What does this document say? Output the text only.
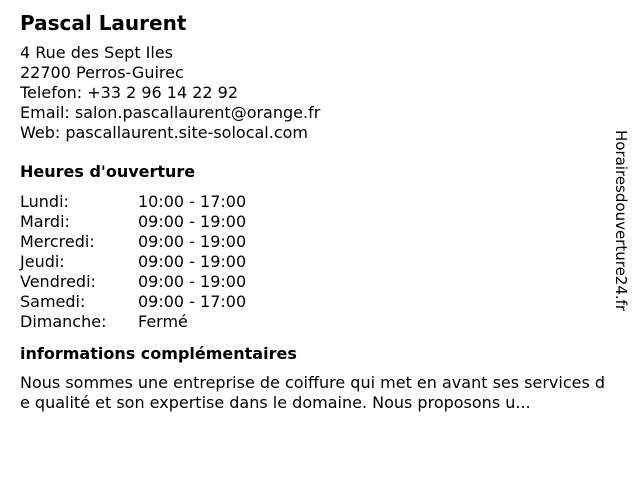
Pascal Laurent
4 Rue des Sept Iles
22700 Perros-Guirec
Telefon: +33 2 96 14 22 92
Email: salon.pascallaurent@orange.fr
Web: pascallaurent.site-solocal.com
Heures d'ouverture
Lundi:	10:00 - 17:00
Mardi:	09:00 - 19:00
Mercredi:	09:00 - 19:00
Jeudi:	09:00 - 19:00
Vendredi:	09:00 - 19:00
Samedi:	09:00 - 17:00
Dimanche:	Fermé
informations complémentaires
Nous sommes une entreprise de coiffure qui met en avant ses services de qualité et son expertise dans le domaine. Nous proposons u...
Horairesdouverture24.fr
